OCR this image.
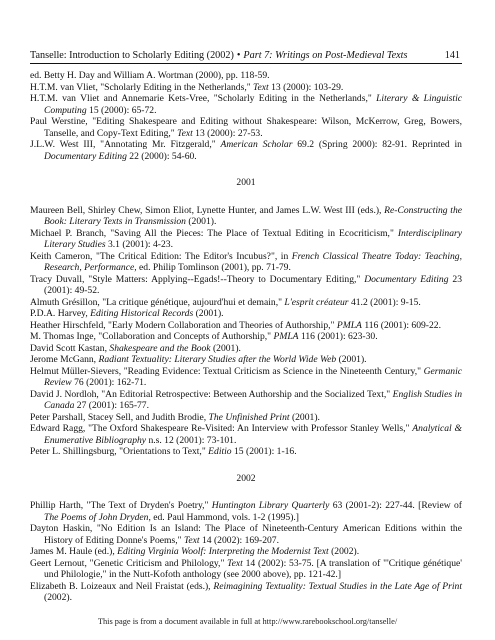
Tanselle: Introduction to Scholarly Editing (2002) • Part 7: Writings on Post-Medieval Texts	141

ed. Betty H. Day and William A. Wortman (2000), pp. 118-59.

H.T.M. van Vliet, "Scholarly Editing in the Netherlands," Text 13 (2000): 103-29.

H.T.M. van Vliet and Annemarie Kets-Vree, "Scholarly Editing in the Netherlands," Literary & Linguistic Computing 15 (2000): 65-72.

Paul Werstine, "Editing Shakespeare and Editing without Shakespeare: Wilson, McKerrow, Greg, Bowers, Tanselle, and Copy-Text Editing," Text 13 (2000): 27-53.

J.L.W. West III, "Annotating Mr. Fitzgerald," American Scholar 69.2 (Spring 2000): 82-91. Reprinted in Documentary Editing 22 (2000): 54-60.

2001

Maureen Bell, Shirley Chew, Simon Eliot, Lynette Hunter, and James L.W. West III (eds.), Re-Constructing the Book: Literary Texts in Transmission (2001).

Michael P. Branch, "Saving All the Pieces: The Place of Textual Editing in Ecocriticism," Interdisciplinary Literary Studies 3.1 (2001): 4-23.

Keith Cameron, "The Critical Edition: The Editor's Incubus?", in French Classical Theatre Today: Teaching, Research, Performance, ed. Philip Tomlinson (2001), pp. 71-79.

Tracy Duvall, "Style Matters: Applying--Egads!--Theory to Documentary Editing," Documentary Editing 23 (2001): 49-52.

Almuth Grésillon, "La critique génétique, aujourd'hui et demain," L'esprit créateur 41.2 (2001): 9-15.

P.D.A. Harvey, Editing Historical Records (2001).

Heather Hirschfeld, "Early Modern Collaboration and Theories of Authorship," PMLA 116 (2001): 609-22.

M. Thomas Inge, "Collaboration and Concepts of Authorship," PMLA 116 (2001): 623-30.

David Scott Kastan, Shakespeare and the Book (2001).

Jerome McGann, Radiant Textuality: Literary Studies after the World Wide Web (2001).

Helmut Müller-Sievers, "Reading Evidence: Textual Criticism as Science in the Nineteenth Century," Germanic Review 76 (2001): 162-71.

David J. Nordloh, "An Editorial Retrospective: Between Authorship and the Socialized Text," English Studies in Canada 27 (2001): 165-77.

Peter Parshall, Stacey Sell, and Judith Brodie, The Unfinished Print (2001).

Edward Ragg, "The Oxford Shakespeare Re-Visited: An Interview with Professor Stanley Wells," Analytical & Enumerative Bibliography n.s. 12 (2001): 73-101.

Peter L. Shillingsburg, "Orientations to Text," Editio 15 (2001): 1-16.

2002

Phillip Harth, "The Text of Dryden's Poetry," Huntington Library Quarterly 63 (2001-2): 227-44. [Review of The Poems of John Dryden, ed. Paul Hammond, vols. 1-2 (1995).]

Dayton Haskin, "No Edition Is an Island: The Place of Nineteenth-Century American Editions within the History of Editing Donne's Poems," Text 14 (2002): 169-207.

James M. Haule (ed.), Editing Virginia Woolf: Interpreting the Modernist Text (2002).

Geert Lernout, "Genetic Criticism and Philology," Text 14 (2002): 53-75. [A translation of "'Critique génétique' und Philologie," in the Nutt-Kofoth anthology (see 2000 above), pp. 121-42.]

Elizabeth B. Loizeaux and Neil Fraistat (eds.), Reimagining Textuality: Textual Studies in the Late Age of Print (2002).

This page is from a document available in full at http://www.rarebookschool.org/tanselle/
